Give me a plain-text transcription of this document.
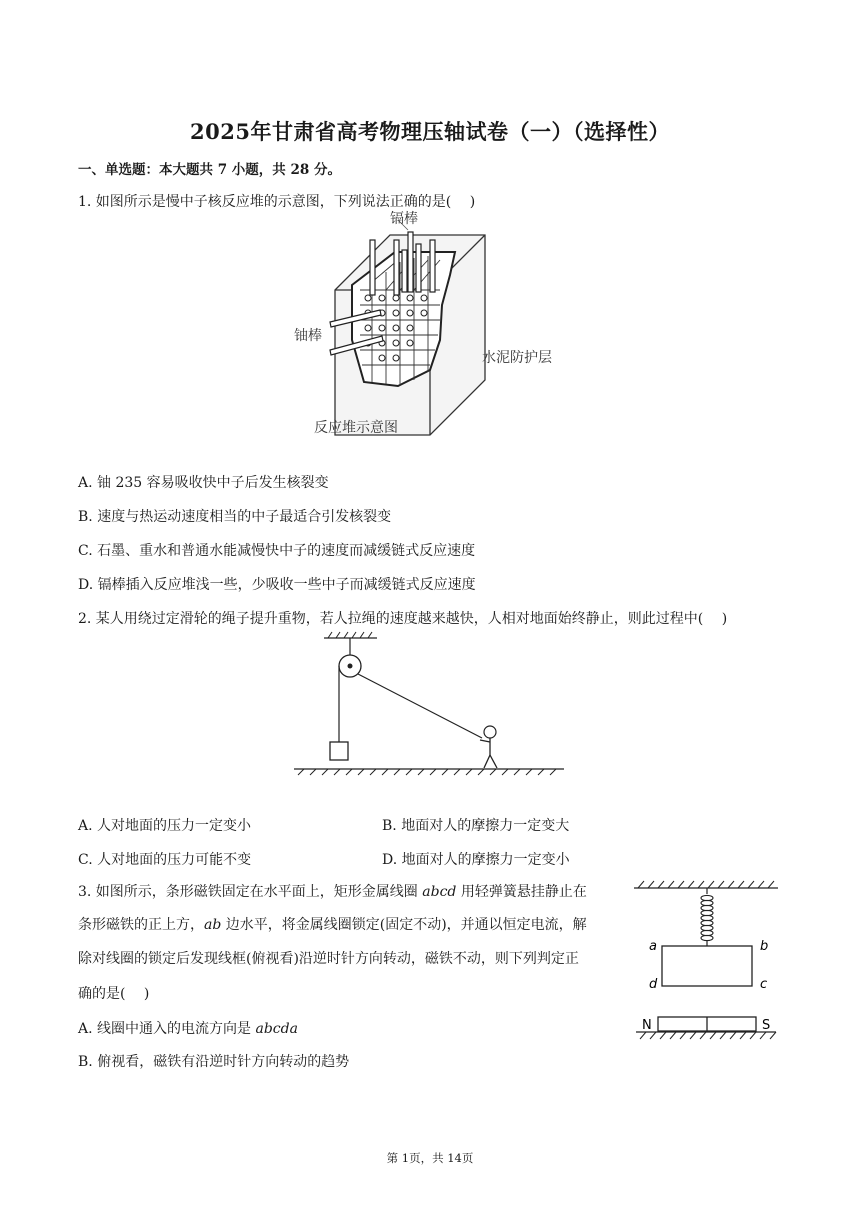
2025年甘肃省高考物理压轴试卷（一）（选择性）
一、单选题：本大题共 7 小题，共 28 分。
1. 如图所示是慢中子核反应堆的示意图，下列说法正确的是(　 )
镉棒
铀棒
水泥防护层
反应堆示意图
A. 铀 235 容易吸收快中子后发生核裂变
B. 速度与热运动速度相当的中子最适合引发核裂变
C. 石墨、重水和普通水能减慢快中子的速度而减缓链式反应速度
D. 镉棒插入反应堆浅一些，少吸收一些中子而减缓链式反应速度
2. 某人用绕过定滑轮的绳子提升重物，若人拉绳的速度越来越快，人相对地面始终静止，则此过程中(　 )
A. 人对地面的压力一定变小	B. 地面对人的摩擦力一定变大
C. 人对地面的压力可能不变	D. 地面对人的摩擦力一定变小
3. 如图所示，条形磁铁固定在水平面上，矩形金属线圈 abcd 用轻弹簧悬挂静止在
条形磁铁的正上方，ab 边水平，将金属线圈锁定(固定不动)，并通以恒定电流，解
除对线圈的锁定后发现线框(俯视看)沿逆时针方向转动，磁铁不动，则下列判定正
确的是(　 )
A. 线圈中通入的电流方向是 abcda
B. 俯视看，磁铁有沿逆时针方向转动的趋势
a	b
c
d
N	S
第 1页，共 14页
